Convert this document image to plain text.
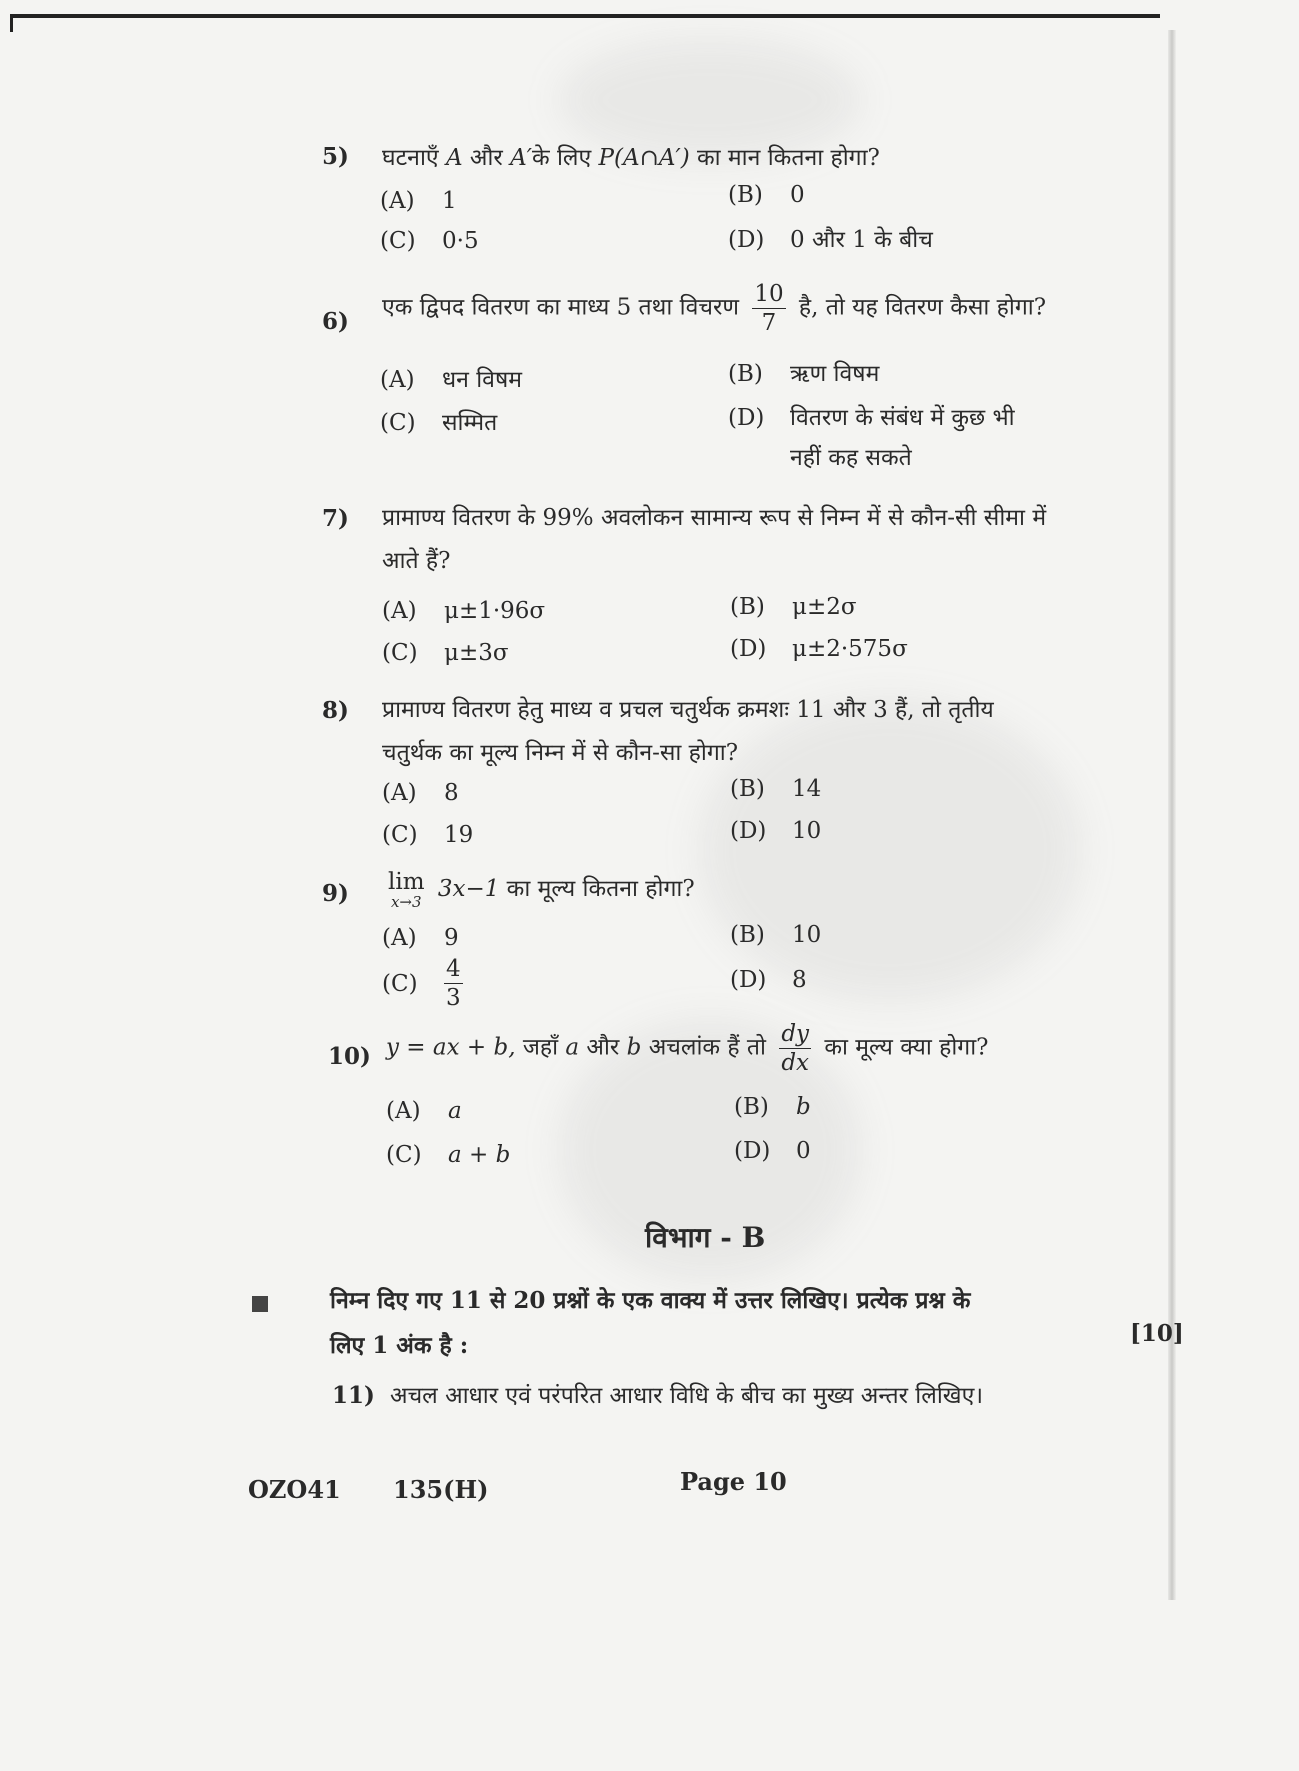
5) घटनाएँ A और A′के लिए P(A∩A′) का मान कितना होगा?
(A) 1	(B) 0
(C) 0·5	(D) 0 और 1 के बीच
6)
एक द्विपद वितरण का माध्य 5 तथा विचरण $\frac{10}{7}$ है, तो यह वितरण कैसा होगा?
(A) धन विषम	(B) ऋण विषम
(C) सम्मित	(D) वितरण के संबंध में कुछ भी
नहीं कह सकते
7) प्रामाण्य वितरण के 99% अवलोकन सामान्य रूप से निम्न में से कौन-सी सीमा में
आते हैं?
(A) μ±1·96σ	(B) μ±2σ
(C) μ±3σ	(D) μ±2·575σ
8) प्रामाण्य वितरण हेतु माध्य व प्रचल चतुर्थक क्रमशः 11 और 3 हैं, तो तृतीय
चतुर्थक का मूल्य निम्न में से कौन-सा होगा?
(A) 8	(B) 14
(C) 19	(D) 10
9) lim
x→3 3x−1 का मूल्य कितना होगा?
(A) 9	(B) 10
$(C) \frac{4}{3}$	(D) 8
10) y = ax + b, जहाँ a और b अचलांक हैं तो $\frac{dy}{dx}$ का मूल्य क्या होगा?
(A) a	(B) b
(C) a + b	(D) 0
विभाग - B
निम्न दिए गए 11 से 20 प्रश्नों के एक वाक्य में उत्तर लिखिए। प्रत्येक प्रश्न के
लिए 1 अंक है :	[10]
11) अचल आधार एवं परंपरित आधार विधि के बीच का मुख्य अन्तर लिखिए।
OZO41 135(H)	Page 10
